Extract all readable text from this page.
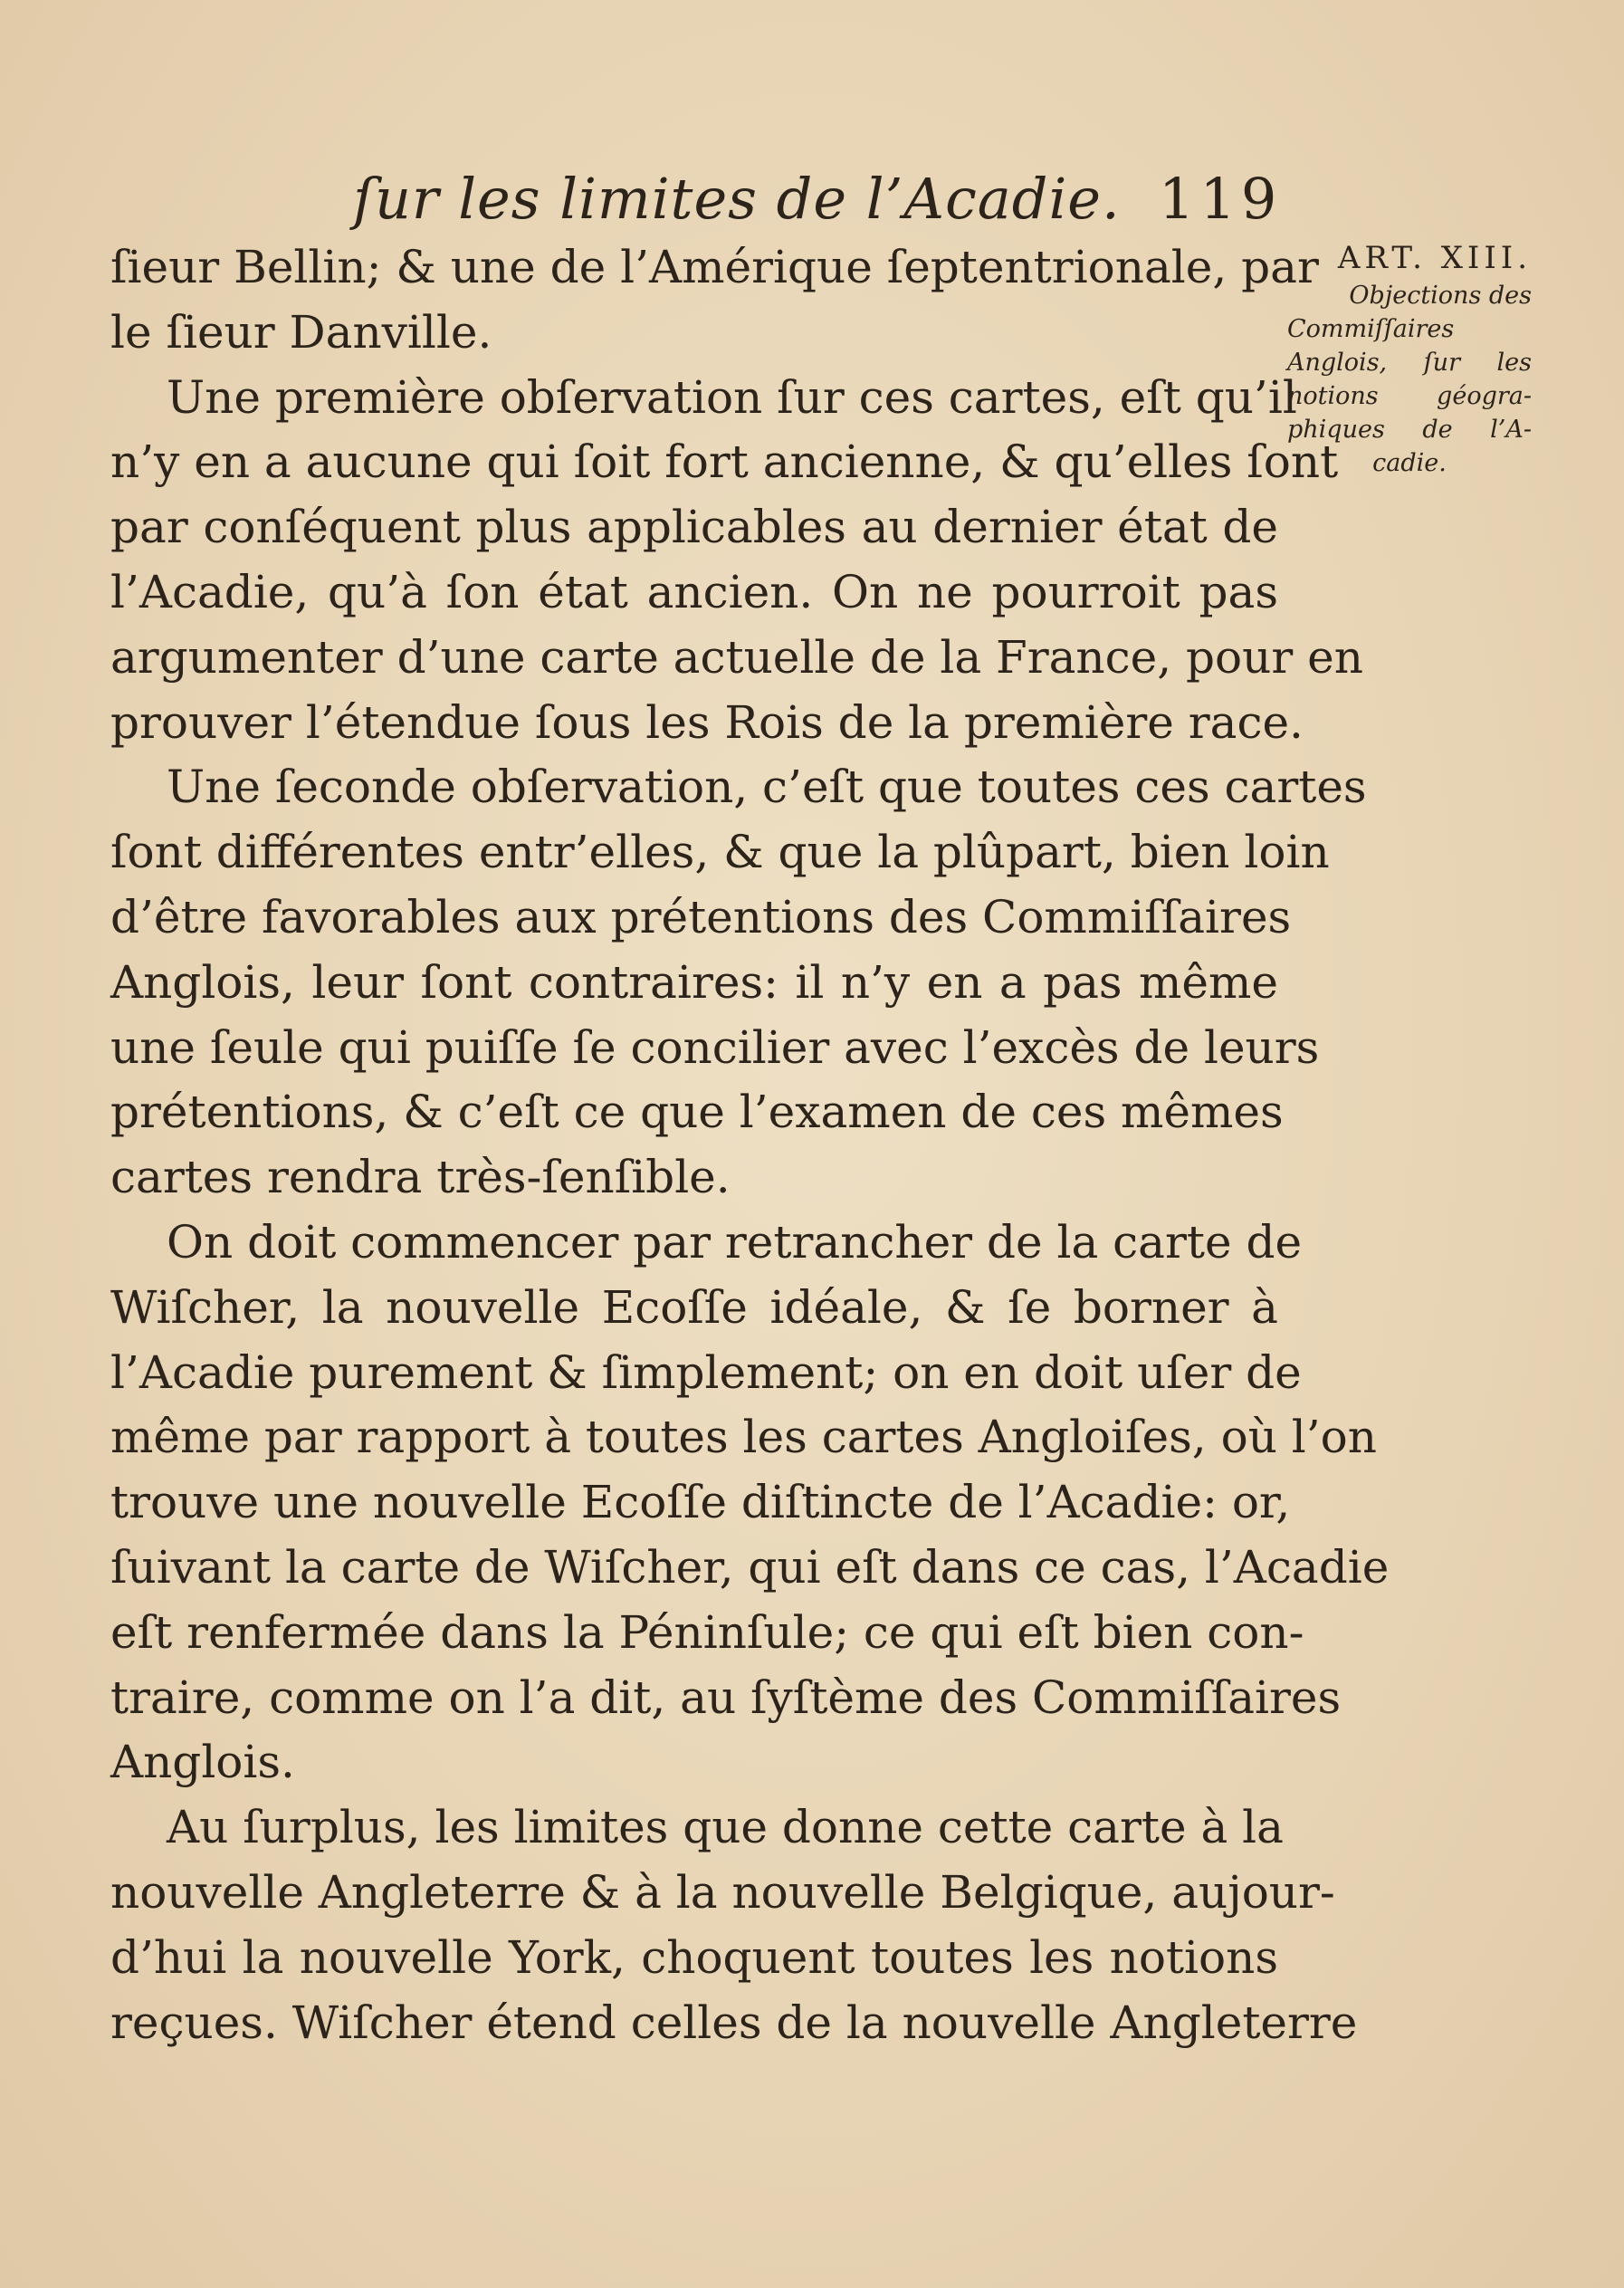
ſur les limites de l’Acadie. 119
ſieur Bellin; & une de l’Amérique ſeptentrionale, par
le ſieur Danville.
Une première obſervation ſur ces cartes, eſt qu’il
n’y en a aucune qui ſoit fort ancienne, & qu’elles ſont
par conſéquent plus applicables au dernier état de
l’Acadie, qu’à ſon état ancien. On ne pourroit pas
argumenter d’une carte actuelle de la France, pour en
prouver l’étendue ſous les Rois de la première race.
Une ſeconde obſervation, c’eſt que toutes ces cartes
ſont différentes entr’elles, & que la plûpart, bien loin
d’être favorables aux prétentions des Commiſſaires
Anglois, leur ſont contraires: il n’y en a pas même
une ſeule qui puiſſe ſe concilier avec l’excès de leurs
prétentions, & c’eſt ce que l’examen de ces mêmes
cartes rendra très-ſenſible.
On doit commencer par retrancher de la carte de
Wiſcher, la nouvelle Ecoſſe idéale, & ſe borner à
l’Acadie purement & ſimplement; on en doit uſer de
même par rapport à toutes les cartes Angloiſes, où l’on
trouve une nouvelle Ecoſſe diſtincte de l’Acadie: or,
ſuivant la carte de Wiſcher, qui eſt dans ce cas, l’Acadie
eſt renfermée dans la Péninſule; ce qui eſt bien con-
traire, comme on l’a dit, au ſyſtème des Commiſſaires
Anglois.
Au ſurplus, les limites que donne cette carte à la
nouvelle Angleterre & à la nouvelle Belgique, aujour-
d’hui la nouvelle York, choquent toutes les notions
reçues. Wiſcher étend celles de la nouvelle Angleterre
ART. XIII.
Objections des
Commiſſaires
Anglois, ſur les
notions géogra-
phiques de l’A-
cadie.
